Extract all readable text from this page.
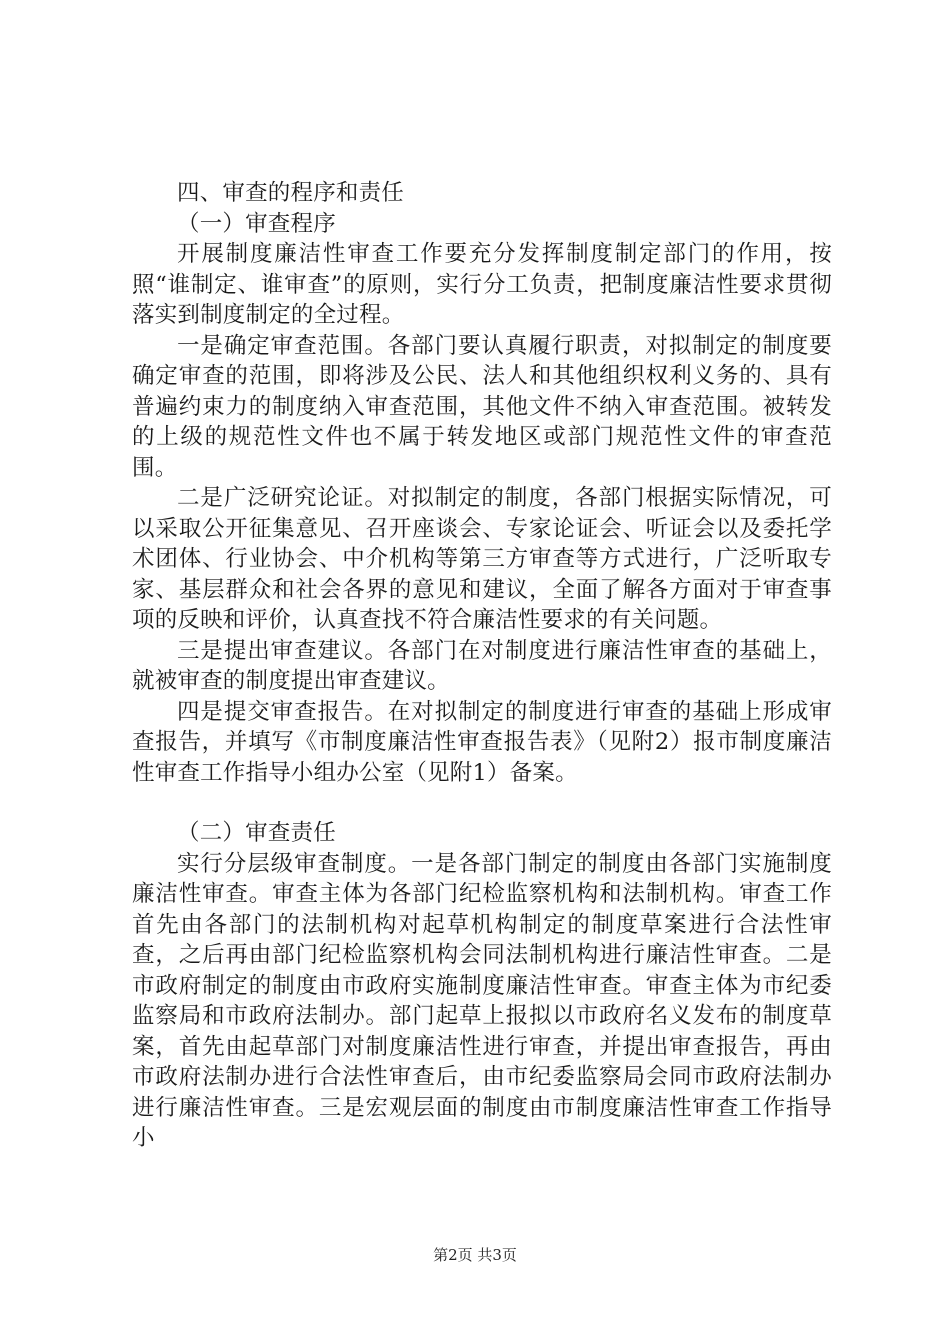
四、审查的程序和责任

（一）审查程序

开展制度廉洁性审查工作要充分发挥制度制定部门的作用，按照“谁制定、谁审查”的原则，实行分工负责，把制度廉洁性要求贯彻落实到制度制定的全过程。

一是确定审查范围。各部门要认真履行职责，对拟制定的制度要确定审查的范围，即将涉及公民、法人和其他组织权利义务的、具有普遍约束力的制度纳入审查范围，其他文件不纳入审查范围。被转发的上级的规范性文件也不属于转发地区或部门规范性文件的审查范围。

二是广泛研究论证。对拟制定的制度，各部门根据实际情况，可以采取公开征集意见、召开座谈会、专家论证会、听证会以及委托学术团体、行业协会、中介机构等第三方审查等方式进行，广泛听取专家、基层群众和社会各界的意见和建议，全面了解各方面对于审查事项的反映和评价，认真查找不符合廉洁性要求的有关问题。

三是提出审查建议。各部门在对制度进行廉洁性审查的基础上，就被审查的制度提出审查建议。

四是提交审查报告。在对拟制定的制度进行审查的基础上形成审查报告，并填写《市制度廉洁性审查报告表》（见附2）报市制度廉洁性审查工作指导小组办公室（见附1）备案。

（二）审查责任

实行分层级审查制度。一是各部门制定的制度由各部门实施制度廉洁性审查。审查主体为各部门纪检监察机构和法制机构。审查工作首先由各部门的法制机构对起草机构制定的制度草案进行合法性审查，之后再由部门纪检监察机构会同法制机构进行廉洁性审查。二是市政府制定的制度由市政府实施制度廉洁性审查。审查主体为市纪委监察局和市政府法制办。部门起草上报拟以市政府名义发布的制度草案，首先由起草部门对制度廉洁性进行审查，并提出审查报告，再由市政府法制办进行合法性审查后，由市纪委监察局会同市政府法制办进行廉洁性审查。三是宏观层面的制度由市制度廉洁性审查工作指导小

第2页 共3页
